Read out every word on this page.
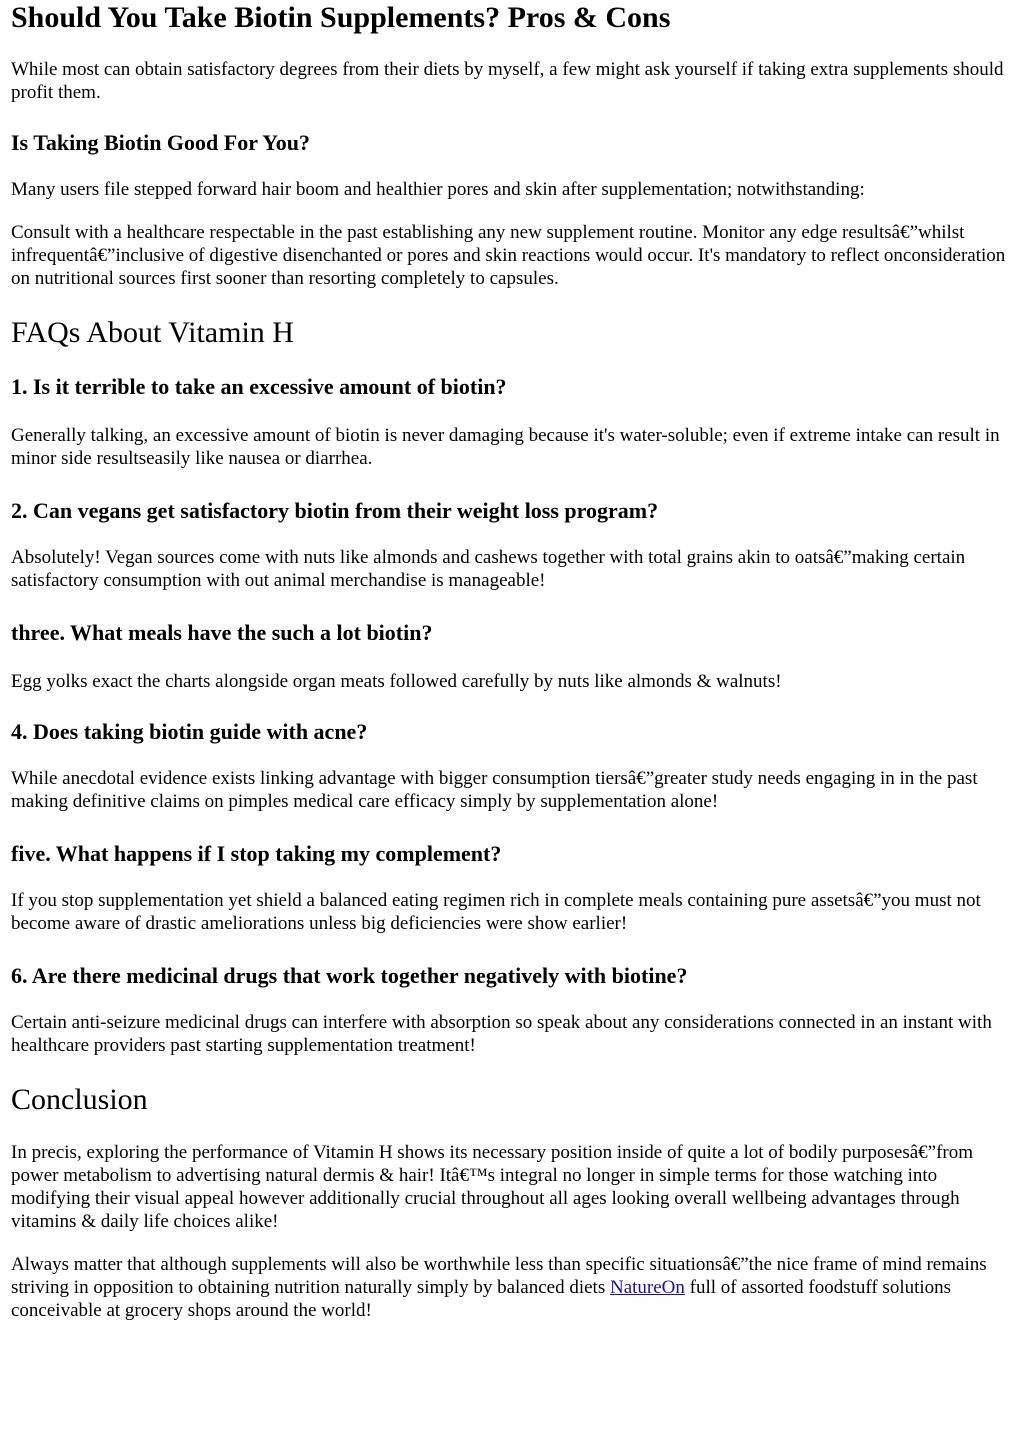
Should You Take Biotin Supplements? Pros & Cons

While most can obtain satisfactory degrees from their diets by myself, a few might ask yourself if taking extra supplements should profit them.

Is Taking Biotin Good For You?

Many users file stepped forward hair boom and healthier pores and skin after supplementation; notwithstanding:

Consult with a healthcare respectable in the past establishing any new supplement routine. Monitor any edge resultsâ€”whilst infrequentâ€”inclusive of digestive disenchanted or pores and skin reactions would occur. It's mandatory to reflect onconsideration on nutritional sources first sooner than resorting completely to capsules.

FAQs About Vitamin H
1. Is it terrible to take an excessive amount of biotin?

Generally talking, an excessive amount of biotin is never damaging because it's water-soluble; even if extreme intake can result in minor side resultseasily like nausea or diarrhea.

2. Can vegans get satisfactory biotin from their weight loss program?

Absolutely! Vegan sources come with nuts like almonds and cashews together with total grains akin to oatsâ€”making certain satisfactory consumption with out animal merchandise is manageable!

three. What meals have the such a lot biotin?

Egg yolks exact the charts alongside organ meats followed carefully by nuts like almonds & walnuts!

4. Does taking biotin guide with acne?

While anecdotal evidence exists linking advantage with bigger consumption tiersâ€”greater study needs engaging in in the past making definitive claims on pimples medical care efficacy simply by supplementation alone!

five. What happens if I stop taking my complement?

If you stop supplementation yet shield a balanced eating regimen rich in complete meals containing pure assetsâ€”you must not become aware of drastic ameliorations unless big deficiencies were show earlier!

6. Are there medicinal drugs that work together negatively with biotine?

Certain anti-seizure medicinal drugs can interfere with absorption so speak about any considerations connected in an instant with healthcare providers past starting supplementation treatment!

Conclusion

In precis, exploring the performance of Vitamin H shows its necessary position inside of quite a lot of bodily purposesâ€”from power metabolism to advertising natural dermis & hair! Itâ€™s integral no longer in simple terms for those watching into modifying their visual appeal however additionally crucial throughout all ages looking overall wellbeing advantages through vitamins & daily life choices alike!

Always matter that although supplements will also be worthwhile less than specific situationsâ€”the nice frame of mind remains striving in opposition to obtaining nutrition naturally simply by balanced diets NatureOn full of assorted foodstuff solutions conceivable at grocery shops around the world!
